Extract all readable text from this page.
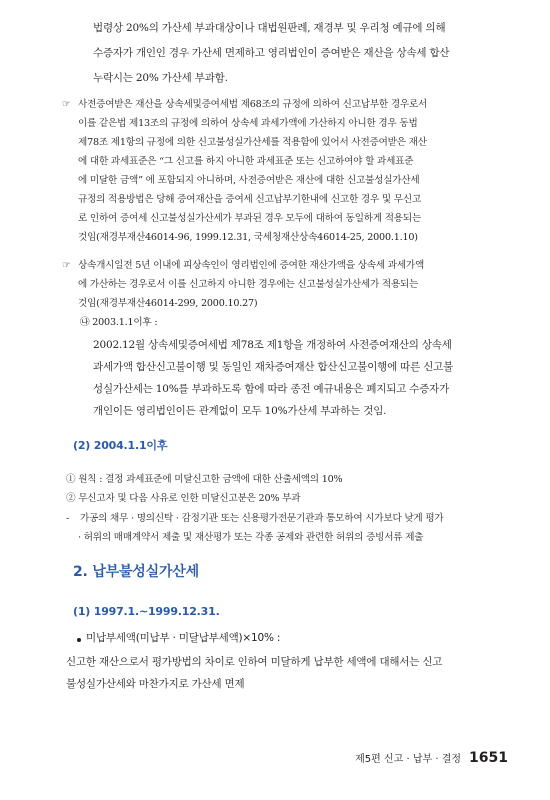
법령상 20%의 가산세 부과대상이나 대법원판례, 재경부 및 우리청 예규에 의해
수증자가 개인인 경우 가산세 면제하고 영리법인이 증여받은 재산을 상속세 합산
누락시는 20% 가산세 부과함.
☞ 사전증여받은 재산을 상속세및증여세법 제68조의 규정에 의하여 신고납부한 경우로서
이를 같은법 제13조의 규정에 의하여 상속세 과세가액에 가산하지 아니한 경우 동법
제78조 제1항의 규정에 의한 신고불성실가산세를 적용함에 있어서 사전증여받은 재산
에 대한 과세표준은 “그 신고를 하지 아니한 과세표준 또는 신고하여야 할 과세표준
에 미달한 금액” 에 포함되지 아니하며, 사전증여받은 재산에 대한 신고불성실가산세
규정의 적용방법은 당해 증여재산을 증여세 신고납부기한내에 신고한 경우 및 무신고
로 인하여 증여세 신고불성실가산세가 부과된 경우 모두에 대하여 동일하게 적용되는
것임(재경부재산46014-96, 1999.12.31, 국세청재산상속46014-25, 2000.1.10)
☞ 상속개시일전 5년 이내에 피상속인이 영리법인에 증여한 재산가액을 상속세 과세가액
에 가산하는 경우로서 이를 신고하지 아니한 경우에는 신고불성실가산세가 적용되는
것임(재경부재산46014-299, 2000.10.27)
㉯ 2003.1.1이후 :
2002.12월 상속세및증여세법 제78조 제1항을 개정하여 사전증여재산의 상속세
과세가액 합산신고불이행 및 동일인 재차증여재산 합산신고불이행에 따른 신고불
성실가산세는 10%를 부과하도록 함에 따라 종전 예규내용은 폐지되고 수증자가
개인이든 영리법인이든 관계없이 모두 10%가산세 부과하는 것임.
(2) 2004.1.1이후
① 원칙 : 결정 과세표준에 미달신고한 금액에 대한 산출세액의 10%
② 무신고자 및 다음 사유로 인한 미달신고분은 20% 부과
- 가공의 채무 · 명의신탁 · 감정기관 또는 신용평가전문기관과 통모하여 시가보다 낮게 평가
· 허위의 매매계약서 제출 및 재산평가 또는 각종 공제와 관련한 허위의 증빙서류 제출
2. 납부불성실가산세
(1) 1997.1.~1999.12.31.
미납부세액(미납부 · 미달납부세액)×10% :
신고한 재산으로서 평가방법의 차이로 인하여 미달하게 납부한 세액에 대해서는 신고
불성실가산세와 마찬가지로 가산세 면제
제5편 신고 · 납부 · 결정 1651
